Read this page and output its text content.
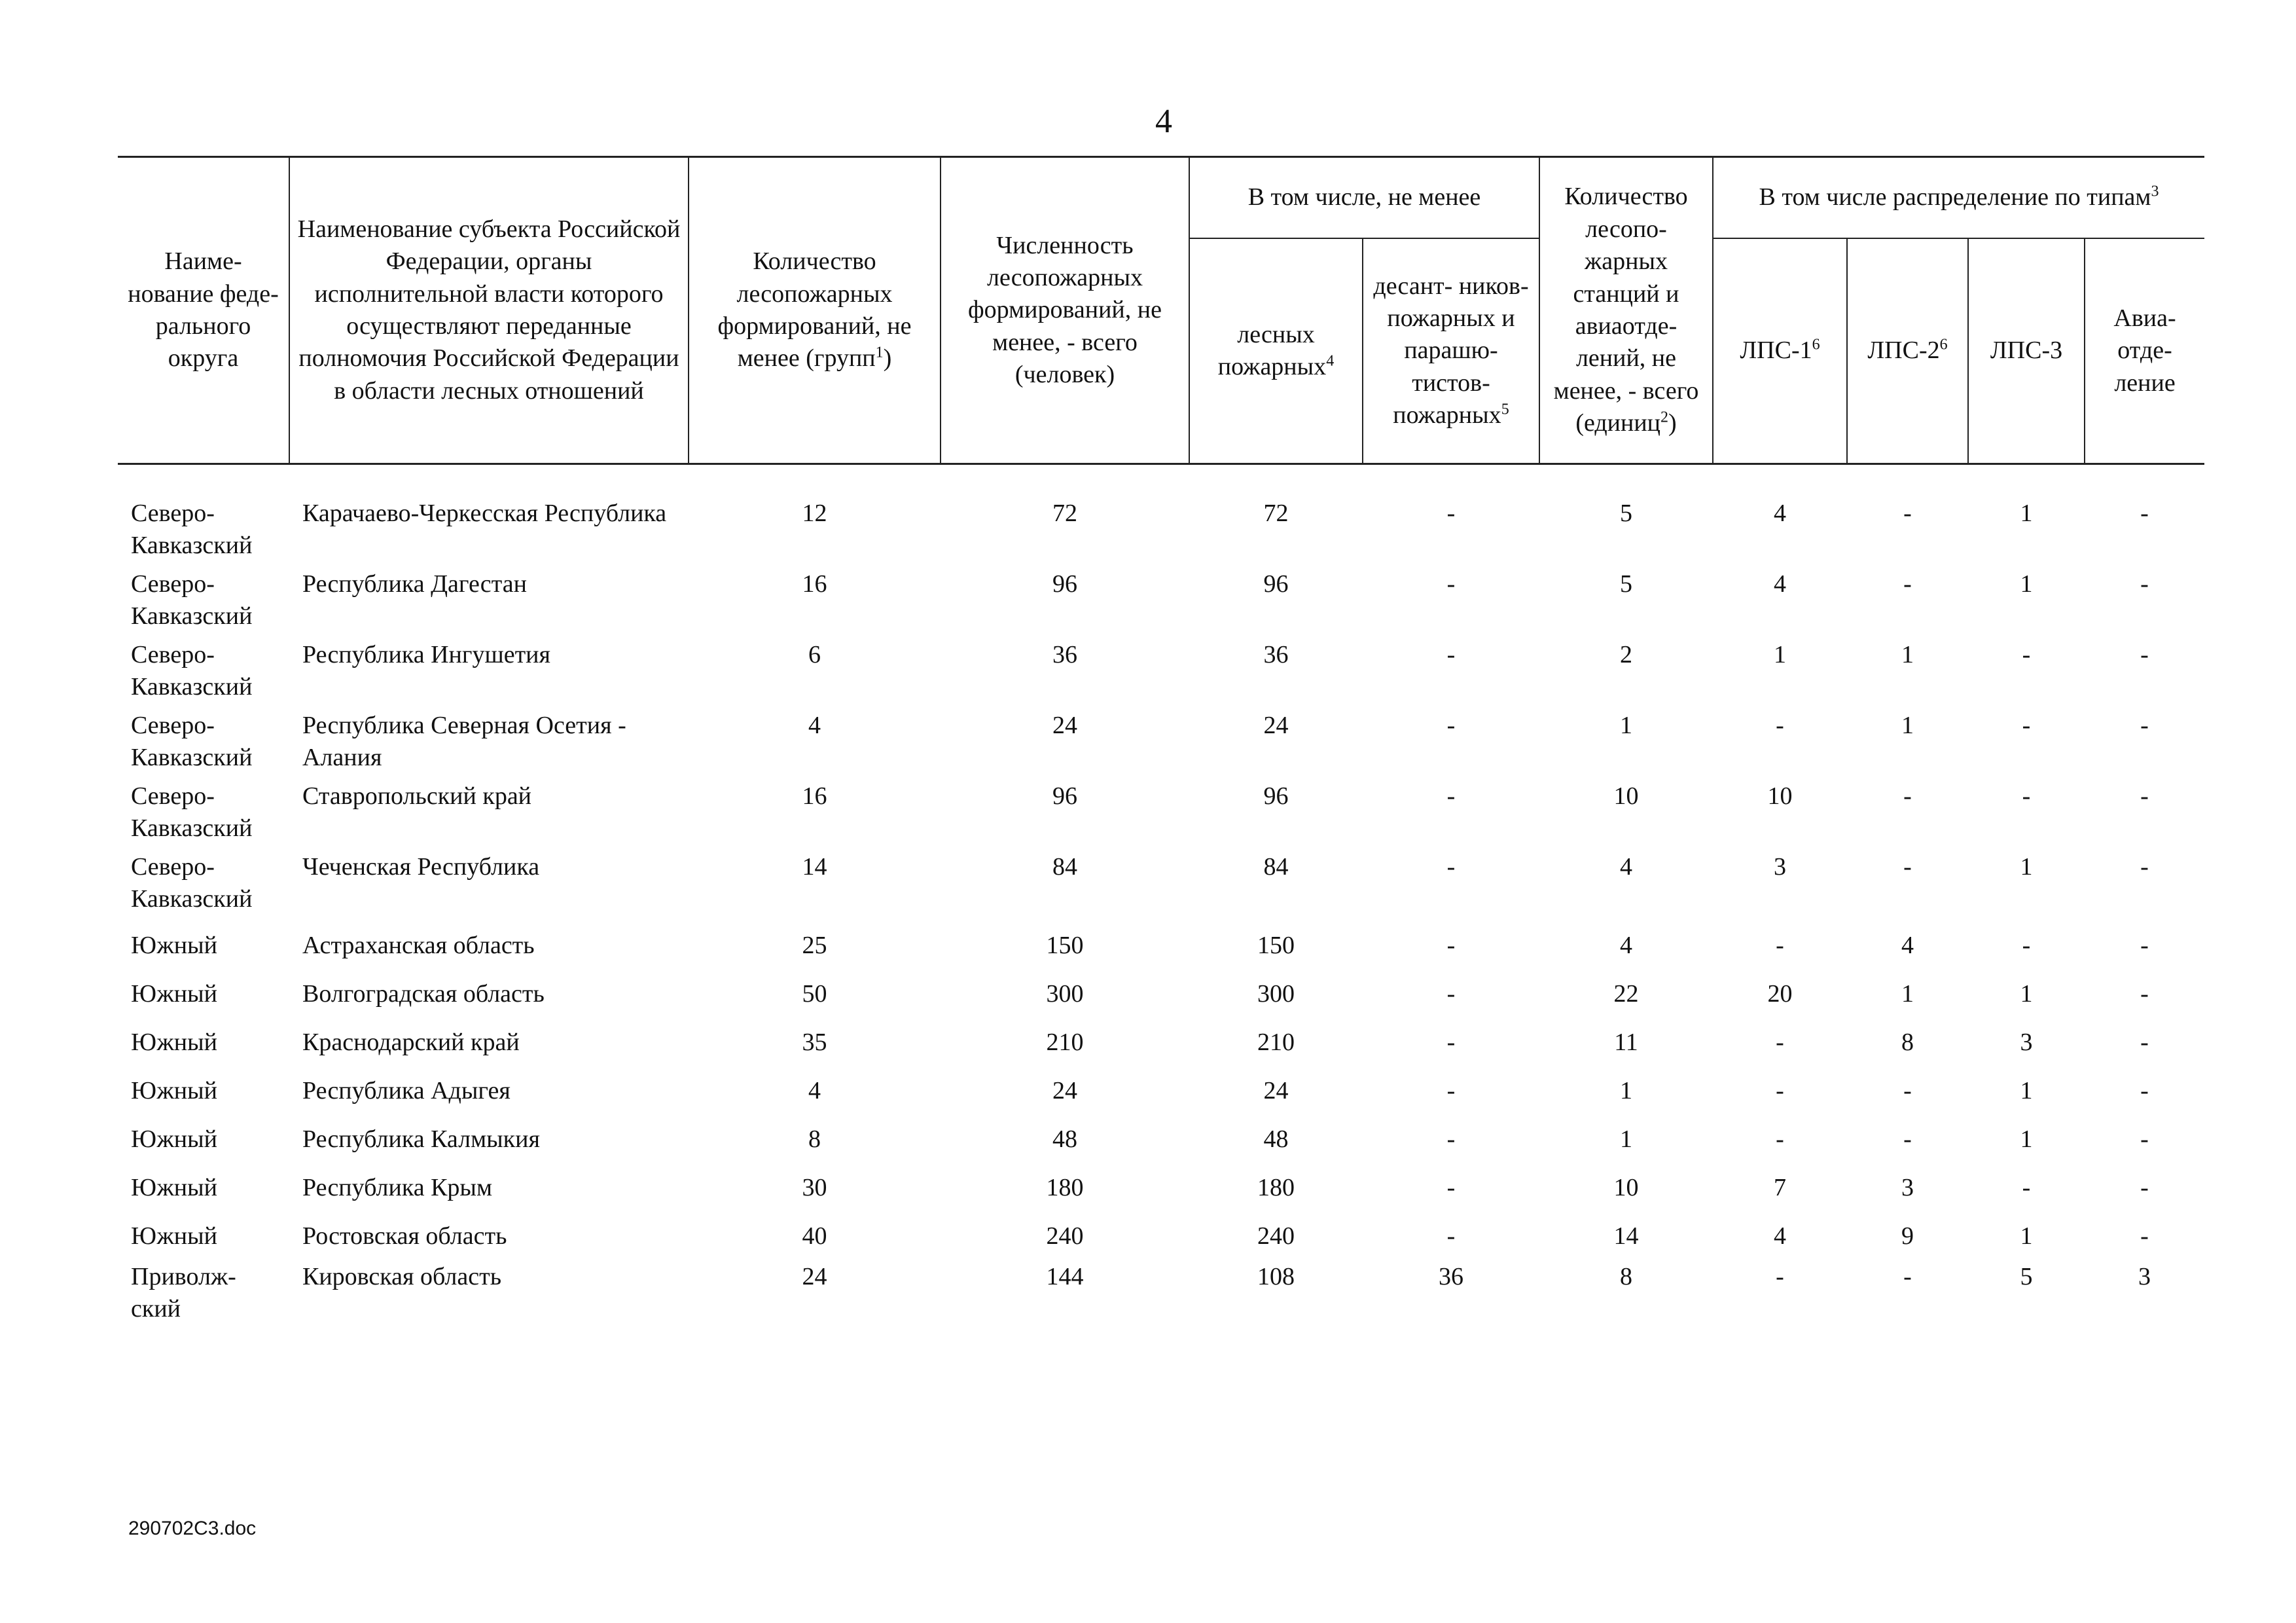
4
Наиме- нование феде- рального округа	Наименование субъекта Российской Федерации, органы исполнительной власти которого осуществляют переданные полномочия Российской Федерации в области лесных отношений	Количество лесопожарных формирований, не менее (групп$^1$)	Численность лесопожарных формирований, не менее, - всего (человек)	В том числе, не менее		Количество лесопо- жарных станций и авиаотде- лений, не менее, - всего (единиц$^2$)	В том числе распределение по типам$^3$
				лесных пожарных$^4$	десант- ников- пожарных и парашю- тистов- пожарных$^5$		ЛПС-$1^6$	ЛПС-$2^6$	ЛПС-3	Авиа- отде- ление
Северо-Кавказский	Карачаево-Черкесская Республика	12	72	72	-	5	4	-	1	-
Северо-Кавказский	Республика Дагестан	16	96	96	-	5	4	-	1	-
Северо-Кавказский	Республика Ингушетия	6	36	36	-	2	1	1	-	-
Северо-Кавказский	Республика Северная Осетия - Алания	4	24	24	-	1	-	1	-	-
Северо-Кавказский	Ставропольский край	16	96	96	-	10	10	-	-	-
Северо-Кавказский	Чеченская Республика	14	84	84	-	4	3	-	1	-
Южный	Астраханская область	25	150	150	-	4	-	4	-	-
Южный	Волгоградская область	50	300	300	-	22	20	1	1	-
Южный	Краснодарский край	35	210	210	-	11	-	8	3	-
Южный	Республика Адыгея	4	24	24	-	1	-	-	1	-
Южный	Республика Калмыкия	8	48	48	-	1	-	-	1	-
Южный	Республика Крым	30	180	180	-	10	7	3	-	-
Южный	Ростовская область	40	240	240	-	14	4	9	1	-
Приволж-ский	Кировская область	24	144	108	36	8	-	-	5	3
290702C3.doc
